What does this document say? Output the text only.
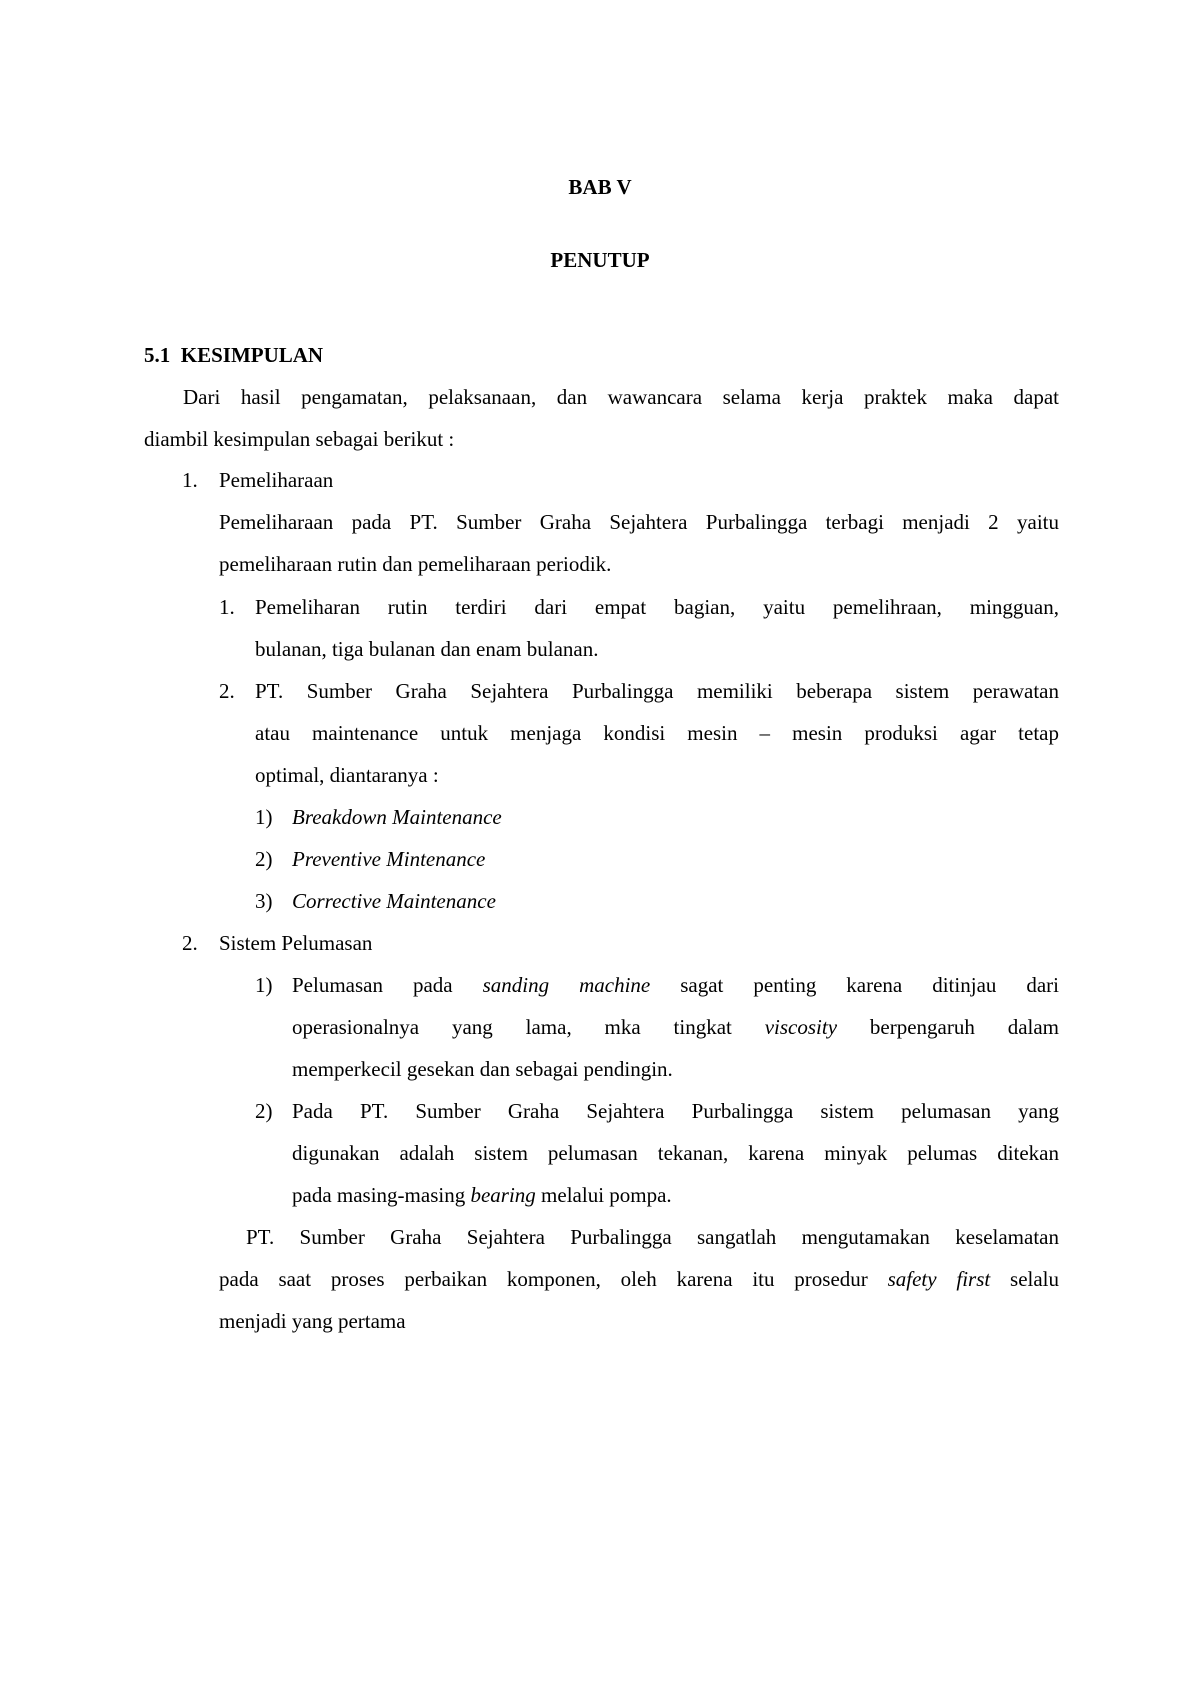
BAB V
PENUTUP
5.1 KESIMPULAN
Dari hasil pengamatan, pelaksanaan, dan wawancara selama kerja praktek maka dapat
diambil kesimpulan sebagai berikut :
1. Pemeliharaan
Pemeliharaan pada PT. Sumber Graha Sejahtera Purbalingga terbagi menjadi 2 yaitu
pemeliharaan rutin dan pemeliharaan periodik.
1. Pemeliharan rutin terdiri dari empat bagian, yaitu pemelihraan, mingguan,
bulanan, tiga bulanan dan enam bulanan.
2. PT. Sumber Graha Sejahtera Purbalingga memiliki beberapa sistem perawatan
atau maintenance untuk menjaga kondisi mesin – mesin produksi agar tetap
optimal, diantaranya :
1) Breakdown Maintenance
2) Preventive Mintenance
3) Corrective Maintenance
2. Sistem Pelumasan
1) Pelumasan pada sanding machine sagat penting karena ditinjau dari
operasionalnya yang lama, mka tingkat viscosity berpengaruh dalam
memperkecil gesekan dan sebagai pendingin.
2) Pada PT. Sumber Graha Sejahtera Purbalingga sistem pelumasan yang
digunakan adalah sistem pelumasan tekanan, karena minyak pelumas ditekan
pada masing-masing bearing melalui pompa.
PT. Sumber Graha Sejahtera Purbalingga sangatlah mengutamakan keselamatan
pada saat proses perbaikan komponen, oleh karena itu prosedur safety first selalu
menjadi yang pertama
